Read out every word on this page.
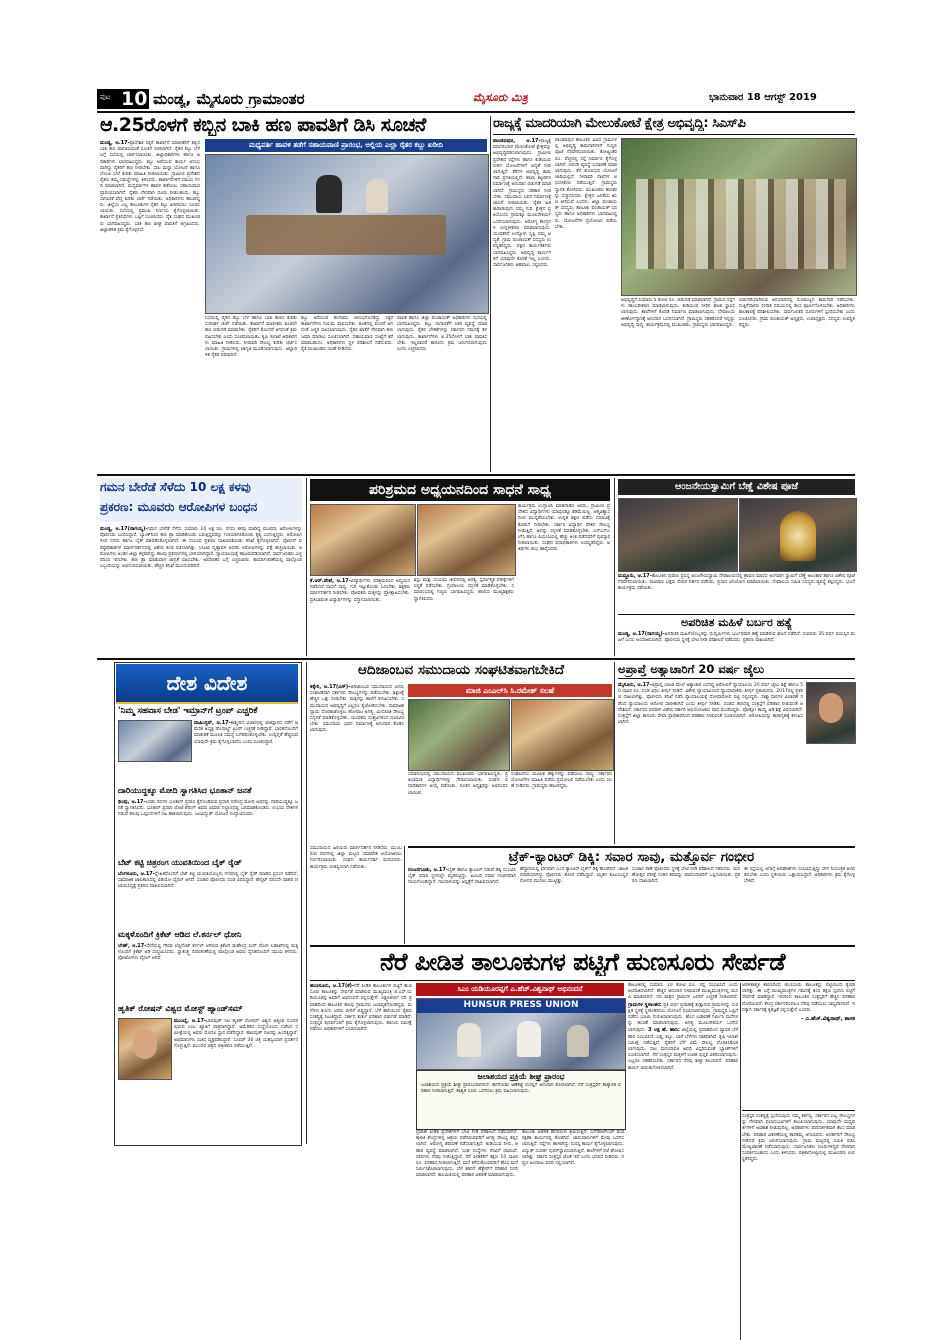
ಪುಟ 10 ಮಂಡ್ಯ, ಮೈಸೂರು ಗ್ರಾಮಾಂತರ	ಮೈಸೂರು ಮಿತ್ರ	ಭಾನುವಾರ 18 ಆಗಸ್ಟ್ 2019
ಆ.25ರೊಳಗೆ ಕಬ್ಬಿನ ಬಾಕಿ ಹಣ ಪಾವತಿಗೆ ಡಿಸಿ ಸೂಚನೆ
ಮಧ್ಯವರ್ತಿ ಹಾವಳಿ ತಡೆಗೆ ಸಹಾಯವಾಣಿ ಪ್ರಾರಂಭ, ಅಲ್ಲಿಯ ಎಲ್ಲಾ ರೈತರ ಕಬ್ಬು ಖರೀದಿ
ಮಂಡ್ಯ, ಆ.17-ಪ್ರಾದೇಶಿಕ ಸಕ್ಕರೆ ಕಾರ್ಖಾನೆ ಮಾಲೀಕರಿಗೆ ಕಬ್ಬಿನ ಬಾಕಿ ಹಣ ಪಾವತಿಸುವಂತೆ ಸೂಚನೆ ನೀಡಲಾಗಿದೆ. ರೈತರ ಕಬ್ಬು ಬೆಳೆ ಬಗ್ಗೆ ಸಭೆಯಲ್ಲಿ ಚರ್ಚಿಸಲಾಯಿತು. ಜಿಲ್ಲಾಧಿಕಾರಿಗಳು ಹಾಗೂ ಅಧಿಕಾರಿಗಳು ಭಾಗವಹಿಸಿದ್ದರು. ಕಬ್ಬು ಅರೆಯುವ ಕಾರ್ಯ ಆರಂಭವಾಗಿದ್ದು ರೈತರಿಗೆ ಹಣ ನೀಡಬೇಕು. ಸಾಲ ಮನ್ನಾ ಯೋಜನೆ ಹಾಗೂ ಬೆಂಬಲ ಬೆಲೆ ಕುರಿತು ಮಾಹಿತಿ ನೀಡಲಾಯಿತು. ಗ್ರಾಮೀಣ ಪ್ರದೇಶದ ರೈತರು ತಮ್ಮ ಸಮಸ್ಯೆಗಳನ್ನು ತಿಳಿಸಿದರು. ಕಾರ್ಖಾನೆಗಳಿಗೆ ಸಮಯ ನಿಗದಿ ಮಾಡಲಾಗಿದೆ. ಮಧ್ಯವರ್ತಿಗಳ ಹಾವಳಿ ತಡೆಯಲು ಸಹಾಯವಾಣಿ ಪ್ರಾರಂಭಿಸಲಾಗಿದೆ. ರೈತರು ನೇರವಾಗಿ ದೂರು ನೀಡಬಹುದು. ಕಬ್ಬು ಸಾಗಾಣಿಕೆ ವೆಚ್ಚ ಕುರಿತು ಚರ್ಚೆ ನಡೆಯಿತು. ಅಧಿಕಾರಿಗಳು ಹಾಜರಿದ್ದರು. ಜಿಲ್ಲೆಯ ಎಲ್ಲ ತಾಲೂಕುಗಳ ರೈತರ ಕಬ್ಬು ಖರೀದಿಸಲು ಸೂಚಿಸಲಾಯಿತು. ಸಭೆಯಲ್ಲಿ ಪ್ರಮುಖ ನಿರ್ಣಯ ಕೈಗೊಳ್ಳಲಾಯಿತು. ಕಾರ್ಖಾನೆ ಪ್ರತಿನಿಧಿಗಳು ಒಪ್ಪಿಗೆ ಸೂಚಿಸಿದರು. ರೈತ ಸಂಘದ ಮುಖಂಡರು ಭಾಗವಹಿಸಿದ್ದರು. ಬಾಕಿ ಹಣ ಶೀಘ್ರ ಪಾವತಿಗೆ ಆಗ್ರಹಿಸಿದರು. ಜಿಲ್ಲಾಡಳಿತ ಕ್ರಮ ಕೈಗೊಳ್ಳಲಿದೆ.
ಸಭೆಯಲ್ಲಿ ರೈತರ ಕಬ್ಬು ಬೆಳೆ ಹಾಗೂ ಬಾಕಿ ಹಣದ ಕುರಿತು ಸುದೀರ್ಘ ಚರ್ಚೆ ನಡೆಯಿತು. ಕಾರ್ಖಾನೆ ಮಾಲೀಕರು ಕೂಡಲೇ ಹಣ ಬಿಡುಗಡೆ ಮಾಡಬೇಕು. ರೈತರಿಗೆ ತೊಂದರೆ ಆಗದಂತೆ ಕ್ರಮ ವಹಿಸಬೇಕು ಎಂದು ಸೂಚಿಸಲಾಯಿತು. ಕೃಷಿ ಇಲಾಖೆ ಅಧಿಕಾರಿಗಳು ಮಾಹಿತಿ ನೀಡಿದರು. ನೀರಾವರಿ ಸೌಲಭ್ಯ ಕುರಿತು ಚರ್ಚಿಸಲಾಯಿತು. ಗ್ರಾಮಗಳಲ್ಲಿ ಜಾಗೃತಿ ಮೂಡಿಸಲಾಗುವುದು. ಜಿಲ್ಲಾಡಳಿತ ರೈತರ ಪರವಾಗಿದೆ.
ಕಬ್ಬು ಅರೆಯುವ ಹಂಗಾಮು ಆರಂಭಗೊಂಡಿದ್ದು ಸಕ್ಕರೆ ಕಾರ್ಖಾನೆಗಳು ನಿಯಮ ಪಾಲಿಸಬೇಕು. ತೂಕದಲ್ಲಿ ವಂಚನೆ ಆಗದಂತೆ ಎಚ್ಚರ ವಹಿಸಲಾಗುವುದು. ರೈತರ ಖಾತೆಗೆ ನೇರವಾಗಿ ಹಣ ಜಮಾ ಮಾಡಲು ಸೂಚಿಸಲಾಗಿದೆ. ಸಹಾಯವಾಣಿ ಸಂಖ್ಯೆಗೆ ಕರೆ ಮಾಡಬಹುದು. ಅಧಿಕಾರಿಗಳು ಸ್ಥಳ ಪರಿಶೀಲನೆ ನಡೆಸುವರು. ರೈತ ಮುಖಂಡರು ಸಲಹೆ ನೀಡಿದರು.
ಪಾಲಿಕೆ ಹಾಗೂ ಜಿಲ್ಲಾ ಪಂಚಾಯತ್ ಅಧಿಕಾರಿಗಳು ಸಭೆಯಲ್ಲಿ ಭಾಗವಹಿಸಿದ್ದರು. ಕಬ್ಬು ಸಾಗಾಣಿಕೆಗೆ ಲಾರಿ ವ್ಯವಸ್ಥೆ ಮಾಡಲಾಗುವುದು. ರೈತರ ಬೇಡಿಕೆಗಳನ್ನು ಸರ್ಕಾರದ ಗಮನಕ್ಕೆ ತರಲಾಗುವುದು. ಕಾರ್ಖಾನೆಗಳು ಆ.25ರೊಳಗೆ ಬಾಕಿ ಪಾವತಿಸಬೇಕು. ಇಲ್ಲವಾದರೆ ಕಾನೂನು ಕ್ರಮ ಜರುಗಿಸಲಾಗುವುದು ಎಂದು ಎಚ್ಚರಿಸಿದರು.
ರಾಜ್ಯಕ್ಕೆ ಮಾದರಿಯಾಗಿ ಮೇಲುಕೋಟೆ ಕ್ಷೇತ್ರ ಅಭಿವೃದ್ಧಿ: ಸಿಎಸ್‌ಪಿ
ಪಾಂಡವಪುರ, ಆ.17-ರಾಜ್ಯಕ್ಕೆ ಮಾದರಿಯಾಗಿ ಮೇಲುಕೋಟೆ ಕ್ಷೇತ್ರವನ್ನು ಅಭಿವೃದ್ಧಿಪಡಿಸಲಾಗುವುದು. ಗ್ರಾಮೀಣ ಪ್ರದೇಶದ ರಸ್ತೆಗಳು ಹಾಗೂ ಕುಡಿಯುವ ನೀರಿನ ಯೋಜನೆಗಳಿಗೆ ಆದ್ಯತೆ ನೀಡಲಾಗುತ್ತಿದೆ. ಕೆರೆಗಳ ಅಭಿವೃದ್ಧಿ ಕಾಮಗಾರಿ ಪ್ರಗತಿಯಲ್ಲಿದೆ. ಶಾಲಾ ಕಟ್ಟಡಗಳ ನಿರ್ಮಾಣಕ್ಕೆ ಅನುದಾನ ಬಿಡುಗಡೆ ಮಾಡಲಾಗಿದೆ. ಗ್ರಾಮಸ್ಥರು ಸಹಕಾರ ನೀಡಬೇಕು. ಸಮುದಾಯ ಭವನ ನಿರ್ಮಾಣಕ್ಕೆ ಚಾಲನೆ ನೀಡಲಾಯಿತು. ರೈತರ ಹಿತ ಕಾಪಾಡುವುದು ನಮ್ಮ ಗುರಿ. ಕ್ಷೇತ್ರದ ಪ್ರತಿಯೊಂದು ಗ್ರಾಮಕ್ಕೂ ಮೂಲಸೌಕರ್ಯ ಒದಗಿಸಲಾಗುವುದು. ಆರೋಗ್ಯ ಕೇಂದ್ರಗಳ ಉನ್ನತೀಕರಣ ಮಾಡಲಾಗುವುದು. ಯುವಕರಿಗೆ ಉದ್ಯೋಗ ಸೃಷ್ಟಿ ನಮ್ಮ ಆದ್ಯತೆ. ಗ್ರಾಮ ಪಂಚಾಯತ್ ಸದಸ್ಯರು ಉಪಸ್ಥಿತರಿದ್ದರು. ಪಕ್ಷದ ಕಾರ್ಯಕರ್ತರು ಭಾಗವಹಿಸಿದ್ದರು. ಅಭಿವೃದ್ಧಿ ಕಾರ್ಯಗಳಿಗೆ ಯಾವುದೇ ಕೊರತೆ ಇಲ್ಲ ಎಂದರು. ಸಾರ್ವಜನಿಕರು ಅಹವಾಲು ಸಲ್ಲಿಸಿದರು.
ಪಾಂಡವಪುರ ತಾಲೂಕಿನ ವಿವಿಧ ಗ್ರಾಮಗಳಲ್ಲಿ ಅಭಿವೃದ್ಧಿ ಕಾಮಗಾರಿಗಳಿಗೆ ಗುದ್ದಲಿ ಪೂಜೆ ನೆರವೇರಿಸಲಾಯಿತು. ಕೋಟ್ಯಂತರ ರೂ. ವೆಚ್ಚದಲ್ಲಿ ರಸ್ತೆ ನಿರ್ಮಾಣ ಕೈಗೊಳ್ಳಲಾಗಿದೆ. ಚರಂಡಿ ವ್ಯವಸ್ಥೆ ಸುಧಾರಣೆ ಮಾಡಲಾಗುವುದು. ಕೆರೆ ತುಂಬಿಸುವ ಯೋಜನೆ ಜಾರಿಯಲ್ಲಿದೆ. ನೀರಾವರಿ ನಾಲೆಗಳ ಆಧುನೀಕರಣ ನಡೆಯುತ್ತಿದೆ. ಗ್ರಾಮಸ್ಥರು ಸ್ವಾಗತ ಕೋರಿದರು. ಮುಖಂಡರು ಶಾಸಕರನ್ನು ಸನ್ಮಾನಿಸಿದರು. ಕ್ಷೇತ್ರದ ಜನತೆಯ ಋಣ ತೀರಿಸುವೆ ಎಂದರು. ಜಿಲ್ಲಾ ಪಂಚಾಯತ್ ಸದಸ್ಯರು, ತಾಲೂಕು ಪಂಚಾಯತ್ ಸದಸ್ಯರು ಹಾಗೂ ಅಧಿಕಾರಿಗಳು ಭಾಗವಹಿಸಿದ್ದರು. ಯೋಜನೆಗಳ ಪ್ರಯೋಜನ ಪಡೆಯಬೇಕು.
ಅಭಿವೃದ್ಧಿಗೆ ಸುಮಾರು 5 ಕೋಟಿ ರೂ. ಬಿಡುಗಡೆ ಮಾಡಲಾಗಿದೆ. ಗ್ರಾಮದ ರಸ್ತೆಗಳು ಡಾಂಬರೀಕರಣ ಮಾಡಲಾಗುವುದು. ಕುಡಿಯುವ ನೀರಿನ ಘಟಕ ಸ್ಥಾಪಿಸಲಾಗುವುದು. ಶಾಲೆಗಳಿಗೆ ಕೊಠಡಿ ನಿರ್ಮಾಣ ಮಾಡಲಾಗುವುದು. ದೇವಾಲಯ ಜೀರ್ಣೋದ್ಧಾರಕ್ಕೆ ಅನುದಾನ ಒದಗಿಸಲಾಗಿದೆ. ಗ್ರಾಮಸ್ಥರು ಸಹಕರಿಸಿದರೆ ಇನ್ನಷ್ಟು ಅಭಿವೃದ್ಧಿ ಸಾಧ್ಯ. ಕಾರ್ಯಕ್ರಮದಲ್ಲಿ ಮುಖಂಡರು, ಗ್ರಾಮಸ್ಥರು ಭಾಗವಹಿಸಿದ್ದರು.
ಬಿಡುಗಡೆಯಾಗಿರುವ ಅನುದಾನದಲ್ಲಿ ಗುಣಮಟ್ಟದ ಕಾಮಗಾರಿ ನಡೆಸಬೇಕು. ಗುತ್ತಿಗೆದಾರರು ನಿಗದಿತ ಸಮಯದಲ್ಲಿ ಕೆಲಸ ಪೂರ್ಣಗೊಳಿಸಬೇಕು. ಅಧಿಕಾರಿಗಳು ಕಾಲಕಾಲಕ್ಕೆ ಪರಿಶೀಲಿಸಬೇಕು. ಸಾರ್ವಜನಿಕರ ದೂರುಗಳಿಗೆ ಸ್ಪಂದಿಸಬೇಕು ಎಂದು ಸೂಚಿಸಿದರು. ಗ್ರಾಮ ಪಂಚಾಯತ್ ಅಧ್ಯಕ್ಷರು, ಉಪಾಧ್ಯಕ್ಷರು, ಸದಸ್ಯರು ಉಪಸ್ಥಿತರಿದ್ದರು.
ಗಮನ ಬೇರೆಡೆ ಸೆಳೆದು 10 ಲಕ್ಷ ಕಳವು
ಪ್ರಕರಣ: ಮೂವರು ಆರೋಪಿಗಳ ಬಂಧನ
ಮಂಡ್ಯ, ಆ.17(ನಾಗಯ್ಯ)-ಗಮನ ಬೇರೆಡೆ ಸೆಳೆದು ಸುಮಾರು 10 ಲಕ್ಷ ರೂ. ನಗದು ಕಳವು ಮಾಡಿದ್ದ ಮೂವರು ಆರೋಪಿಗಳನ್ನು ಪೊಲೀಸರು ಬಂಧಿಸಿದ್ದಾರೆ. ಬ್ಯಾಂಕ್‌ನಿಂದ ಹಣ ಡ್ರಾ ಮಾಡಿಕೊಂಡು ಬರುತ್ತಿದ್ದವರನ್ನು ಗುರಿಯಾಗಿಸಿಕೊಂಡು ಕೃತ್ಯ ಎಸಗುತ್ತಿದ್ದರು. ಆರೋಪಿಗಳಿಂದ ನಗದು ಹಾಗೂ ಬೈಕ್ ವಶಪಡಿಸಿಕೊಳ್ಳಲಾಗಿದೆ. ಈ ಸಂಬಂಧ ಪ್ರಕರಣ ದಾಖಲಿಸಿಕೊಂಡು ತನಿಖೆ ಕೈಗೊಳ್ಳಲಾಗಿದೆ. ಪೊಲೀಸ್ ವರಿಷ್ಠಾಧಿಕಾರಿಗಳ ಮಾರ್ಗದರ್ಶನದಲ್ಲಿ ವಿಶೇಷ ತಂಡ ರಚಿಸಲಾಗಿತ್ತು. ಸಿಸಿಟಿವಿ ದೃಶ್ಯಾವಳಿ ಆಧರಿಸಿ ಆರೋಪಿಗಳನ್ನು ಪತ್ತೆ ಹಚ್ಚಲಾಯಿತು. ಆರೋಪಿಗಳು ಅಂತರ ಜಿಲ್ಲಾ ಕಳ್ಳರಾಗಿದ್ದು ಹಲವು ಪ್ರಕರಣಗಳಲ್ಲಿ ಭಾಗಿಯಾಗಿದ್ದಾರೆ. ನ್ಯಾಯಾಲಯಕ್ಕೆ ಹಾಜರುಪಡಿಸಲಾಗಿದೆ. ಸಾರ್ವಜನಿಕರು ಎಚ್ಚರದಿಂದ ಇರಬೇಕು. ಹಣ ಡ್ರಾ ಮಾಡುವಾಗ ಜಾಗ್ರತೆ ವಹಿಸಬೇಕು. ಅಪರಿಚಿತರ ಬಗ್ಗೆ ಎಚ್ಚರವಿರಲಿ. ಕಾರ್ಯಾಚರಣೆಯಲ್ಲಿ ಪಾಲ್ಗೊಂಡ ಸಿಬ್ಬಂದಿಯನ್ನು ಅಭಿನಂದಿಸಲಾಯಿತು. ಹೆಚ್ಚಿನ ತನಿಖೆ ಮುಂದುವರಿದಿದೆ.
ಪರಿಶ್ರಮದ ಅಧ್ಯಯನದಿಂದ ಸಾಧನೆ ಸಾಧ್ಯ
ಕೆ.ಆರ್.ಪೇಟೆ, ಆ.17-ವಿದ್ಯಾರ್ಥಿಗಳು ಪರಿಶ್ರಮದಿಂದ ಅಧ್ಯಯನ ನಡೆಸಿದರೆ ಸಾಧನೆ ಸಾಧ್ಯ. ಗುರಿ ಇಟ್ಟುಕೊಂಡು ಓದಬೇಕು. ಶಿಕ್ಷಕರು ಮಾರ್ಗದರ್ಶನ ನೀಡಬೇಕು. ಪೋಷಕರು ಮಕ್ಕಳನ್ನು ಪ್ರೋತ್ಸಾಹಿಸಬೇಕು. ಪ್ರತಿಭಾವಂತ ವಿದ್ಯಾರ್ಥಿಗಳನ್ನು ಸನ್ಮಾನಿಸಲಾಯಿತು.
ಶಿಸ್ತು ಮತ್ತು ಸಂಯಮ ಜೀವನದಲ್ಲಿ ಅಗತ್ಯ. ಸ್ಪರ್ಧಾತ್ಮಕ ಪರೀಕ್ಷೆಗಳಿಗೆ ಸಿದ್ಧತೆ ನಡೆಸಬೇಕು. ಗ್ರಂಥಾಲಯ ಸದ್ಬಳಕೆ ಮಾಡಿಕೊಳ್ಳಬೇಕು. ಸಮಾರಂಭದಲ್ಲಿ ಗಣ್ಯರು ಭಾಗವಹಿಸಿದ್ದರು. ಶಾಲೆಯ ಮುಖ್ಯಶಿಕ್ಷಕರು ಸ್ವಾಗತಿಸಿದರು.
ಕಾರ್ಯಕ್ರಮ ಉದ್ಘಾಟಿಸಿ ಮಾತನಾಡಿದ ಅವರು, ಗ್ರಾಮೀಣ ಪ್ರದೇಶದ ವಿದ್ಯಾರ್ಥಿಗಳು ಯಾವುದಕ್ಕೂ ಕಡಿಮೆಯಿಲ್ಲ. ಆತ್ಮವಿಶ್ವಾಸದಿಂದ ಮುನ್ನಡೆಯಬೇಕು. ಉನ್ನತ ಶಿಕ್ಷಣ ಪಡೆದು ಸಮಾಜಕ್ಕೆ ಕೊಡುಗೆ ನೀಡಬೇಕು. ಸರ್ಕಾರ ವಿದ್ಯಾರ್ಥಿ ವೇತನ ಸೌಲಭ್ಯ ನೀಡುತ್ತಿದೆ. ಅದನ್ನು ಸದ್ಬಳಕೆ ಮಾಡಿಕೊಳ್ಳಬೇಕು. ಎಸ್ಎಸ್ಎಲ್‌ಸಿ ಹಾಗೂ ಪಿಯುಸಿಯಲ್ಲಿ ಹೆಚ್ಚು ಅಂಕ ಪಡೆದವರಿಗೆ ಪುರಸ್ಕಾರ ನೀಡಲಾಯಿತು. ಸಂಘದ ಪದಾಧಿಕಾರಿಗಳು ಉಪಸ್ಥಿತರಿದ್ದರು. ಅತಿಥಿಗಳು ಶುಭ ಹಾರೈಸಿದರು.
ಆಂಜನೇಯಸ್ವಾಮಿಗೆ ಬೆಣ್ಣೆ ವಿಶೇಷ ಪೂಜೆ
ಮದ್ದೂರು, ಆ.17-ತಾಲೂಕಿನ ಪುರಾಣ ಪ್ರಸಿದ್ಧ ಆಂಜನೇಯಸ್ವಾಮಿ ದೇವಾಲಯದಲ್ಲಿ ಶ್ರಾವಣ ಮಾಸದ ಅಂಗವಾಗಿ ಸ್ವಾಮಿಗೆ ಬೆಣ್ಣೆ ಅಲಂಕಾರ ಹಾಗೂ ವಿಶೇಷ ಪೂಜೆ ನೆರವೇರಿಸಲಾಯಿತು. ಸಾವಿರಾರು ಭಕ್ತರು ದೇವರ ದರ್ಶನ ಪಡೆದರು. ಪ್ರಸಾದ ವಿನಿಯೋಗ ಮಾಡಲಾಯಿತು. ದೇವಾಲಯ ಸಮಿತಿ ಸದಸ್ಯರು ವ್ಯವಸ್ಥೆ ಕಲ್ಪಿಸಿದ್ದರು. ಭಜನೆ ಕಾರ್ಯಕ್ರಮ ನಡೆಯಿತು.
ಅಪರಿಚಿತ ಮಹಿಳೆ ಬರ್ಬರ ಹತ್ಯೆ
ಮಂಡ್ಯ, ಆ.17(ನಾಗಯ್ಯ)-ಅಪರಿಚಿತ ಮಹಿಳೆಯೊಬ್ಬರನ್ನು ದುಷ್ಕರ್ಮಿಗಳು ಬರ್ಬರವಾಗಿ ಹತ್ಯೆ ಮಾಡಿರುವ ಘಟನೆ ನಡೆದಿದೆ. ಸುಮಾರು 35 ವರ್ಷ ವಯಸ್ಸಿನ ಮಹಿಳೆ ಎಂದು ಅಂದಾಜಿಸಲಾಗಿದೆ. ಪೊಲೀಸರು ಸ್ಥಳಕ್ಕೆ ಭೇಟಿ ನೀಡಿ ಪರಿಶೀಲನೆ ನಡೆಸಿದರು. ಪ್ರಕರಣ ದಾಖಲಾಗಿದೆ.
ದೇಶ ವಿದೇಶ
'ನಿಮ್ಮ ಸಹವಾಸ ಬೇಡ' ಇಮ್ರಾನ್‌ಗೆ ಟ್ರಂಪ್ ಎಚ್ಚರಿಕೆ
ವಾಷಿಂಗ್ಟನ್, ಆ.17-ಕಾಶ್ಮೀರದ ವಿಚಾರದಲ್ಲಿ ಪಾಕಿಸ್ತಾನದ ನಡೆಗೆ ಅಮೆರಿಕ ಅಧ್ಯಕ್ಷ ಡೊನಾಲ್ಡ್ ಟ್ರಂಪ್ ಎಚ್ಚರಿಕೆ ನೀಡಿದ್ದಾರೆ. ಭಾರತದೊಂದಿಗೆ ಮಾತುಕತೆ ಮೂಲಕ ಸಮಸ್ಯೆ ಬಗೆಹರಿಸಿಕೊಳ್ಳಬೇಕು. ಉದ್ವಿಗ್ನತೆ ಹೆಚ್ಚಿಸುವ ಯಾವುದೇ ಕ್ರಮ ಕೈಗೊಳ್ಳಬಾರದು ಎಂದು ಸೂಚಿಸಿದ್ದಾರೆ.
ದಾರಿಯುದ್ದಕ್ಕೂ ಮೋದಿ ಸ್ವಾಗತಿಸಿದ ಭೂತಾನ್ ಜನತೆ
ಥಿಂಪು, ಆ.17-ಎರಡು ದಿನಗಳ ಭೂತಾನ್ ಪ್ರವಾಸ ಕೈಗೊಂಡಿರುವ ಪ್ರಧಾನಿ ನರೇಂದ್ರ ಮೋದಿ ಅವರನ್ನು ದಾರಿಯುದ್ದಕ್ಕೂ ಜನತೆ ಸ್ವಾಗತಿಸಿದರು. ಭೂತಾನ್ ಪ್ರಧಾನಿ ಲೊಟೆ ಶೆರಿಂಗ್ ಅವರು ವಿಮಾನ ನಿಲ್ದಾಣದಲ್ಲಿ ಬರಮಾಡಿಕೊಂಡರು. ಉಭಯ ದೇಶಗಳ ನಡುವೆ ಹಲವು ಒಪ್ಪಂದಗಳಿಗೆ ಸಹಿ ಹಾಕಲಾಗುವುದು. ಜಲವಿದ್ಯುತ್ ಯೋಜನೆ ಉದ್ಘಾಟಿಸುವರು.
ಬೆಟ್ ಕಟ್ಟಿ ಚಿತ್ರರಂಗ ಯುವತಿಯಿಂದ ಬೈಕ್ ರೈಡ್
ಬೆಂಗಳೂರು, ಆ.17-ಸ್ನೇಹಿತರೊಂದಿಗೆ ಬೆಟ್ ಕಟ್ಟಿ ಯುವತಿಯೊಬ್ಬಳು ನಗರದಲ್ಲಿ ಬೈಕ್ ರೈಡ್ ಮಾಡಿದ ಪ್ರಸಂಗ ನಡೆದಿದೆ. ಸಾಮಾಜಿಕ ಜಾಲತಾಣದಲ್ಲಿ ವಿಡಿಯೋ ವೈರಲ್ ಆಗಿದೆ. ಸಂಚಾರ ಪೊಲೀಸರು ದಂಡ ವಿಧಿಸಿದ್ದಾರೆ. ಹೆಲ್ಮೆಟ್ ಧರಿಸದೇ ವಾಹನ ಚಲಾಯಿಸಿದ್ದಕ್ಕೆ ಪ್ರಕರಣ ದಾಖಲಿಸಲಾಗಿದೆ.
ಮಕ್ಕಳೊಂದಿಗೆ ಕ್ರಿಕೆಟ್ ಆಡಿದ ಲೆ.ಕರ್ನಲ್ ಧೋನಿ
ಲೇಹ್, ಆ.17-ಸೇನೆಯಲ್ಲಿ ಗೌರವ ಲೆಫ್ಟಿನೆಂಟ್ ಕರ್ನಲ್ ಆಗಿರುವ ಕ್ರಿಕೆಟಿಗ ಮಹೇಂದ್ರ ಸಿಂಗ್ ಧೋನಿ ಲಡಾಖ್‌ನಲ್ಲಿ ಮಕ್ಕಳೊಂದಿಗೆ ಕ್ರಿಕೆಟ್ ಆಡಿ ಸಂಭ್ರಮಿಸಿದರು. ಸ್ವಾತಂತ್ರ್ಯ ದಿನಾಚರಣೆಯಲ್ಲಿ ಪಾಲ್ಗೊಂಡ ಅವರು ಸೈನಿಕರೊಂದಿಗೆ ಸಮಯ ಕಳೆದರು. ಫೋಟೋಗಳು ವೈರಲ್ ಆಗಿವೆ.
ಹೃತಿಕ್ ರೋಷನ್ ವಿಶ್ವದ ಮೋಸ್ಟ್ ಹ್ಯಾಂಡ್‌ಸಮ್
ಮುಂಬೈ, ಆ.17-ಬಾಲಿವುಡ್ ನಟ ಹೃತಿಕ್ ರೋಷನ್ ವಿಶ್ವದ ಅತ್ಯಂತ ಸುಂದರ ಪುರುಷ ಎಂಬ ಖ್ಯಾತಿಗೆ ಪಾತ್ರರಾಗಿದ್ದಾರೆ. ಅಮೆರಿಕದ ಸಂಸ್ಥೆಯೊಂದು ನಡೆಸಿದ ಸಮೀಕ್ಷೆಯಲ್ಲಿ ಅವರು ಮೊದಲ ಸ್ಥಾನ ಪಡೆದಿದ್ದಾರೆ. ಹಾಲಿವುಡ್ ನಟರನ್ನು ಹಿಂದಿಕ್ಕಿದ್ದಾರೆ. ಅಭಿಮಾನಿಗಳು ಸಂತಸ ವ್ಯಕ್ತಪಡಿಸಿದ್ದಾರೆ. ಸೂಪರ್ 30 ಚಿತ್ರ ಯಶಸ್ವಿಯಾಗಿ ಪ್ರದರ್ಶನಗೊಳ್ಳುತ್ತಿದೆ. ಮುಂದಿನ ಚಿತ್ರದ ಚಿತ್ರೀಕರಣ ನಡೆಯುತ್ತಿದೆ.
ಆದಿಜಾಂಬವ ಸಮುದಾಯ ಸಂಘಟಿತವಾಗಬೇಕಿದೆ
ಮಾಜಿ ಎಂಎಲ್‌ಸಿ ಸಿ.ರಮೇಶ್ ಸಲಹೆ
ಕಿಕ್ಕೇರಿ, ಆ.17(ಎಸ್)-ಆದಿಜಾಂಬವ ಸಮುದಾಯದ ಜನರು ಸಂಘಟಿತರಾಗಿ ಸರ್ಕಾರದ ಸೌಲಭ್ಯಗಳನ್ನು ಪಡೆಯಬೇಕು. ಶಿಕ್ಷಣಕ್ಕೆ ಹೆಚ್ಚಿನ ಒತ್ತು ನೀಡಬೇಕು. ಮಕ್ಕಳನ್ನು ಶಾಲೆಗೆ ಕಳುಹಿಸಬೇಕು. ಸಮುದಾಯದ ಅಭಿವೃದ್ಧಿಗೆ ಎಲ್ಲರೂ ಕೈಜೋಡಿಸಬೇಕು. ಸಾಮಾಜಿಕ ನ್ಯಾಯ ದೊರಕಿಸಿಕೊಳ್ಳಲು ಹೋರಾಟ ಅಗತ್ಯ. ಮೀಸಲಾತಿ ಸೌಲಭ್ಯ ಸದ್ಬಳಕೆ ಮಾಡಿಕೊಳ್ಳಬೇಕು. ಯುವಕರು ದುಶ್ಚಟಗಳಿಂದ ದೂರವಿರಬೇಕು. ಸಮುದಾಯ ಭವನ ನಿರ್ಮಾಣಕ್ಕೆ ಅನುದಾನ ಕೊಡಿಸಲಾಗುವುದು.
ಸಮಾರಂಭದಲ್ಲಿ ಸಮುದಾಯದ ಮುಖಂಡರು ಭಾಗವಹಿಸಿದ್ದರು. ಪ್ರತಿಭಾವಂತ ವಿದ್ಯಾರ್ಥಿಗಳನ್ನು ಗೌರವಿಸಲಾಯಿತು. ಸಂಘದ ಪದಾಧಿಕಾರಿಗಳ ಆಯ್ಕೆ ನಡೆಯಿತು. ನೂತನ ಅಧ್ಯಕ್ಷರನ್ನು ಅಭಿನಂದಿಸಲಾಯಿತು.
ಸಂಘಟನೆಯ ಮೂಲಕ ಹಕ್ಕುಗಳನ್ನು ಪಡೆಯಲು ಸಾಧ್ಯ. ಸರ್ಕಾರದ ಯೋಜನೆಗಳ ಮಾಹಿತಿ ಪಡೆದು ಪ್ರಯೋಜನ ಪಡೆಯಬೇಕು ಎಂದು ಸಲಹೆ ನೀಡಿದರು. ಗ್ರಾಮಸ್ಥರು ಹಾಜರಿದ್ದರು.
ಅಪ್ರಾಪ್ತೆ ಅತ್ಯಾಚಾರಿಗೆ 20 ವರ್ಷ ಜೈಲು
ಮೈಸೂರು, ಆ.17-ಅಪ್ರಾಪ್ತ ಬಾಲಕಿ ಮೇಲೆ ಅತ್ಯಾಚಾರ ಎಸಗಿದ್ದ ಆರೋಪಿಗೆ ನ್ಯಾಯಾಲಯ 20 ವರ್ಷ ಜೈಲು ಶಿಕ್ಷೆ ಹಾಗೂ 50 ಸಾವಿರ ರೂ. ದಂಡ ವಿಧಿಸಿ ತೀರ್ಪು ನೀಡಿದೆ. ವಿಶೇಷ ನ್ಯಾಯಾಲಯದ ನ್ಯಾಯಾಧೀಶರು ತೀರ್ಪು ಪ್ರಕಟಿಸಿದರು. 2017ರಲ್ಲಿ ಪ್ರಕರಣ ದಾಖಲಾಗಿತ್ತು. ಪೊಲೀಸರು ತನಿಖೆ ನಡೆಸಿ ನ್ಯಾಯಾಲಯಕ್ಕೆ ದೋಷಾರೋಪ ಪಟ್ಟಿ ಸಲ್ಲಿಸಿದ್ದರು. ಸಾಕ್ಷ್ಯಾಧಾರಗಳ ವಿಚಾರಣೆ ನಡೆಸಿದ ನ್ಯಾಯಾಲಯ ಆರೋಪ ಸಾಬೀತಾಗಿದೆ ಎಂದು ತೀರ್ಪು ನೀಡಿತು. ದಂಡದ ಹಣದಲ್ಲಿ ಸಂತ್ರಸ್ತೆಗೆ ಪರಿಹಾರ ನೀಡುವಂತೆ ಆದೇಶಿಸಿದೆ. ಸರ್ಕಾರದ ಪರವಾಗಿ ವಿಶೇಷ ಸರ್ಕಾರಿ ಅಭಿಯೋಜಕರು ವಾದ ಮಂಡಿಸಿದ್ದರು. ಪೋಕ್ಸೋ ಕಾಯ್ದೆ ಅಡಿ ಶಿಕ್ಷೆ ವಿಧಿಸಲಾಗಿದೆ. ಸಂತ್ರಸ್ತೆಗೆ ಜಿಲ್ಲಾ ಕಾನೂನು ಸೇವಾ ಪ್ರಾಧಿಕಾರದಿಂದ ಪರಿಹಾರ ನೀಡುವಂತೆ ಸೂಚಿಸಲಾಗಿದೆ. ಆರೋಪಿಯನ್ನು ಕಾರಾಗೃಹಕ್ಕೆ ಕಳುಹಿಸಲಾಗಿದೆ.
ಟ್ರೆಕ್-ಕ್ಯಾಂಟರ್ ಡಿಕ್ಕಿ: ಸವಾರ ಸಾವು, ಮತ್ತೊರ್ವ ಗಂಭೀರ
ನಂಜನಗೂಡು, ಆ.17-ಬೈಕ್ ಹಾಗೂ ಕ್ಯಾಂಟರ್ ನಡುವೆ ಡಿಕ್ಕಿ ಸಂಭವಿಸಿ ಬೈಕ್ ಸವಾರ ಸ್ಥಳದಲ್ಲೇ ಮೃತಪಟ್ಟಿದ್ದು, ಹಿಂಬದಿ ಸವಾರ ಗಂಭೀರವಾಗಿ ಗಾಯಗೊಂಡಿದ್ದಾನೆ. ಗಾಯಾಳುವನ್ನು ಆಸ್ಪತ್ರೆಗೆ ದಾಖಲಿಸಲಾಗಿದೆ.
ಹೆದ್ದಾರಿಯಲ್ಲಿ ವೇಗವಾಗಿ ಬಂದ ಕ್ಯಾಂಟರ್ ಬೈಕ್‌ಗೆ ಡಿಕ್ಕಿ ಹೊಡೆದಿದೆ. ಚಾಲಕ ಪರಾರಿಯಾಗಿದ್ದು ಪೊಲೀಸರು ಶೋಧ ನಡೆಸಿದ್ದಾರೆ. ಮೃತರ ಕುಟುಂಬಸ್ಥರ ರೋದನ ಮುಗಿಲು ಮುಟ್ಟಿತ್ತು.
ಸಂಚಾರ ಠಾಣೆ ಪೊಲೀಸರು ಸ್ಥಳಕ್ಕೆ ಭೇಟಿ ನೀಡಿ ಪರಿಶೀಲನೆ ನಡೆಸಿದರು. ಮರಣೋತ್ತರ ಪರೀಕ್ಷೆ ನಂತರ ಶವವನ್ನು ವಾರಸುದಾರರಿಗೆ ಒಪ್ಪಿಸಲಾಯಿತು. ಪ್ರಕರಣ ದಾಖಲಾಗಿದೆ.
ಈ ರಸ್ತೆಯಲ್ಲಿ ಆಗಾಗ್ಗೆ ಅಪಘಾತಗಳು ಸಂಭವಿಸುತ್ತಿದ್ದು ವೇಗ ನಿಯಂತ್ರಕ ಅಳವಡಿಸಬೇಕು ಎಂದು ಸ್ಥಳೀಯರು ಒತ್ತಾಯಿಸಿದ್ದಾರೆ. ಅಧಿಕಾರಿಗಳು ಕ್ರಮ ಕೈಗೊಳ್ಳಬೇಕಿದೆ.
ಸಮುದಾಯದ ಹಿರಿಯರು ಮಾರ್ಗದರ್ಶನ ನೀಡಿದರು. ಮುಂಬರುವ ದಿನಗಳಲ್ಲಿ ಜಿಲ್ಲಾ ಮಟ್ಟದ ಸಮಾವೇಶ ಆಯೋಜಿಸಲು ನಿರ್ಧರಿಸಲಾಯಿತು. ಸಂಘದ ಕಾರ್ಯದರ್ಶಿ ವಂದಿಸಿದರು. ಕಾರ್ಯಕ್ರಮ ಯಶಸ್ವಿಯಾಗಿ ನಡೆಯಿತು.
ನೆರೆ ಪೀಡಿತ ತಾಲೂಕುಗಳ ಪಟ್ಟಿಗೆ ಹುಣಸೂರು ಸೇರ್ಪಡೆ
ಸಿಎಂ ಯಡಿಯೂರಪ್ಪಗೆ ಎ.ಹೆಚ್.ವಿಶ್ವನಾಥ್ ಅಭಿನಂದನೆ
HUNSUR PRESS UNION
ಜಲಾಶಯದ ಪ್ರಕ್ರಿಯೆ ಶೀಘ್ರ ಪ್ರಾರಂಭ
ಜಲಾಶಯದ ಪ್ರಕ್ರಿಯೆ ಶೀಘ್ರ ಪ್ರಾರಂಭವಾಗಲಿದೆ. ಹನಗೋಡು ಅಣೆಕಟ್ಟೆ ದುರಸ್ತಿಗೆ ಅನುದಾನ ಕೋರಲಾಗಿದೆ. ನೆರೆ ಸಂತ್ರಸ್ತರಿಗೆ ತಾತ್ಕಾಲಿಕ ಪರಿಹಾರ ನೀಡಲಾಗುತ್ತಿದೆ. ಶಾಶ್ವತ ಸೂರು ಒದಗಿಸಲು ಕ್ರಮ ವಹಿಸಲಾಗುವುದು.
ಹುಣಸೂರು, ಆ.17(ಕೆ)-ನೆರೆ ಪೀಡಿತ ತಾಲೂಕುಗಳ ಪಟ್ಟಿಗೆ ಹುಣಸೂರು ತಾಲೂಕನ್ನು ಸೇರ್ಪಡೆ ಮಾಡಿರುವ ಮುಖ್ಯಮಂತ್ರಿ ಬಿ.ಎಸ್.ಯಡಿಯೂರಪ್ಪ ಅವರಿಗೆ ಅಭಿನಂದನೆ ಸಲ್ಲಿಸುತ್ತೇನೆ. ಲಕ್ಷ್ಮಣತೀರ್ಥ ನದಿ ಪ್ರವಾಹದಿಂದ ತಾಲೂಕಿನ ಹಲವು ಗ್ರಾಮಗಳು ಜಲಾವೃತಗೊಂಡಿದ್ದವು. ಮನೆಗಳು ಕುಸಿದು ಜನರು ಬೀದಿಗೆ ಬಿದ್ದಿದ್ದಾರೆ. ಬೆಳೆ ಹಾನಿಯಿಂದ ರೈತರು ಸಂಕಷ್ಟಕ್ಕೆ ಸಿಲುಕಿದ್ದಾರೆ. ಸರ್ಕಾರ ತುರ್ತು ಪರಿಹಾರ ಬಿಡುಗಡೆ ಮಾಡಿದೆ. ಸಂತ್ರಸ್ತರ ಪುನರ್ವಸತಿಗೆ ಕ್ರಮ ಕೈಗೊಳ್ಳಲಾಗುವುದು. ಹಾನಿಯ ಸಮೀಕ್ಷೆ ನಡೆಸಲು ಅಧಿಕಾರಿಗಳಿಗೆ ಸೂಚಿಸಲಾಗಿದೆ.
ಪ್ರವಾಹ ಪೀಡಿತ ಪ್ರದೇಶಗಳಿಗೆ ಭೇಟಿ ನೀಡಿ ಪರಿಶೀಲನೆ ನಡೆಸಲಾಗಿದೆ. ಕಾಳಜಿ ಕೇಂದ್ರಗಳಲ್ಲಿ ಆಶ್ರಯ ಪಡೆದಿರುವವರಿಗೆ ಅಗತ್ಯ ಸೌಲಭ್ಯ ಕಲ್ಪಿಸಲಾಗಿದೆ. ಆರೋಗ್ಯ ತಪಾಸಣೆ ನಡೆಸಲಾಗುತ್ತಿದೆ. ಕುಡಿಯುವ ನೀರು, ಆಹಾರ ವ್ಯವಸ್ಥೆ ಮಾಡಲಾಗಿದೆ. ಸಂಘ ಸಂಸ್ಥೆಗಳು ನೆರವಿಗೆ ಧಾವಿಸಿವೆ. ದಾನಿಗಳು ನೆರವು ನೀಡುತ್ತಿದ್ದಾರೆ. ನೆರೆ ಪೀಡಿತರಿಗೆ ತಕ್ಷಣ 10 ಸಾವಿರ ರೂ. ಪರಿಹಾರ ನೀಡಲಾಗುತ್ತಿದೆ. ಮನೆ ಕಳೆದುಕೊಂಡವರಿಗೆ ಹೊಸ ಮನೆ ನಿರ್ಮಿಸಿಕೊಡಲಾಗುವುದು. ಬೆಳೆ ಹಾನಿಗೆ ಹೆಕ್ಟೇರ್‌ಗೆ ಪರಿಹಾರ ನಿಗದಿ ಮಾಡಲಾಗಿದೆ. ಕಾಲಮಿತಿಯಲ್ಲಿ ಪರಿಹಾರ ವಿತರಣೆ ಮಾಡಲಾಗುವುದು.
ತಾಲೂಕು ಆಡಳಿತ ಹಗಲಿರುಳು ಶ್ರಮಿಸುತ್ತಿದೆ. ಎನ್‌ಡಿಆರ್‌ಎಫ್ ತಂಡ ರಕ್ಷಣಾ ಕಾರ್ಯದಲ್ಲಿ ತೊಡಗಿದೆ. ಜಾನುವಾರುಗಳಿಗೆ ಮೇವು ಒದಗಿಸಲಾಗುತ್ತಿದೆ. ರಸ್ತೆಗಳು ಹಾಳಾಗಿದ್ದು ದುರಸ್ತಿ ಕಾರ್ಯ ಕೈಗೊಳ್ಳಲಾಗುವುದು. ವಿದ್ಯುತ್ ಸಂಪರ್ಕ ಪುನರ್‌ಸ್ಥಾಪಿಸಲಾಗುತ್ತಿದೆ. ಶಾಲೆಗಳಿಗೆ ರಜೆ ಘೋಷಿಸಲಾಗಿತ್ತು. ಸರ್ಕಾರ ಸಂತ್ರಸ್ತರ ಜೊತೆ ಇದೆ ಎಂದು ಭರವಸೆ ನೀಡಿದರು. ನಷ್ಟದ ಅಂದಾಜು ವರದಿ ಸಲ್ಲಿಸಲಾಗಿದೆ.
ತಾಲೂಕಿನಲ್ಲಿ ಸುಮಾರು 10 ಕೋಟಿ ರೂ. ನಷ್ಟ ಸಂಭವಿಸಿದೆ ಎಂದು ಅಂದಾಜಿಸಲಾಗಿದೆ. ಹೆಚ್ಚಿನ ಅನುದಾನ ನೀಡುವಂತೆ ಮುಖ್ಯಮಂತ್ರಿಗಳಲ್ಲಿ ಮನವಿ ಮಾಡಲಾಗಿದೆ. ನದಿ ಪಾತ್ರದ ಗ್ರಾಮಗಳ ಜನರಿಗೆ ಎಚ್ಚರಿಕೆ ನೀಡಲಾಗಿದೆ. ಗ್ರಾಮಗಳ ಸ್ಥಳಾಂತರ: ಪ್ರತಿ ವರ್ಷ ಪ್ರವಾಹಕ್ಕೆ ತುತ್ತಾಗುವ ಗ್ರಾಮಗಳನ್ನು ಸುರಕ್ಷಿತ ಸ್ಥಳಕ್ಕೆ ಸ್ಥಳಾಂತರಿಸಲು ಯೋಜನೆ ರೂಪಿಸಲಾಗುವುದು. ಗ್ರಾಮಸ್ಥರ ಒಪ್ಪಿಗೆ ಪಡೆದು ಭೂಮಿ ಗುರುತಿಸಲಾಗುವುದು. ಹೊಸ ಬಡಾವಣೆ ನಿರ್ಮಿಸಿ ಮನೆಗಳನ್ನು ಹಂಚಿಕೆ ಮಾಡಲಾಗುವುದು. ಅಗತ್ಯ ಮೂಲಸೌಕರ್ಯ ಒದಗಿಸಲಾಗುವುದು. 3 ಲಕ್ಷ ಹೆ. ಹಾನಿ: ಜಿಲ್ಲೆಯಲ್ಲಿ ಪ್ರವಾಹದಿಂದ ವ್ಯಾಪಕ ಬೆಳೆ ಹಾನಿ ಸಂಭವಿಸಿದೆ. ಭತ್ತ, ಕಬ್ಬು, ಬಾಳೆ ಬೆಳೆಗಳು ನಾಶವಾಗಿವೆ. ಕೃಷಿ ಇಲಾಖೆ ಸಮೀಕ್ಷೆ ನಡೆಸುತ್ತಿದೆ. ರೈತರಿಗೆ ಬೆಳೆ ವಿಮೆ ಸೌಲಭ್ಯ ದೊರಕಿಸಿಕೊಡಲಾಗುವುದು. ಸಾಲ ಮರುಪಾವತಿ ಅವಧಿ ವಿಸ್ತರಿಸುವಂತೆ ಬ್ಯಾಂಕ್‌ಗಳಿಗೆ ಸೂಚಿಸಲಾಗಿದೆ. ನೆರೆ ಸಂತ್ರಸ್ತರ ಮಕ್ಕಳಿಗೆ ಉಚಿತ ಪುಸ್ತಕ ವಿತರಿಸಲಾಗುವುದು. ಎಲ್ಲರೂ ಸಹಕರಿಸಬೇಕು. ಸರ್ಕಾರದ ನೆರವು ಶೀಘ್ರ ತಲುಪಲಿದೆ. ಪರಿಹಾರ ಕಾರ್ಯ ಚುರುಕುಗೊಳಿಸಲಾಗಿದೆ.
ಆಡಳಿತಾತ್ಮಕ ಕಾರಣದಿಂದ ಹುಣಸೂರು ತಾಲೂಕನ್ನು ಪಟ್ಟಿಯಿಂದ ಕೈಬಿಡಲಾಗಿತ್ತು. ಈ ಬಗ್ಗೆ ಮುಖ್ಯಮಂತ್ರಿಗಳ ಗಮನಕ್ಕೆ ತಂದ ತಕ್ಷಣ ಸ್ಪಂದಿಸಿ ಪಟ್ಟಿಗೆ ಸೇರ್ಪಡೆ ಮಾಡಿದ್ದಾರೆ. ಇದರಿಂದ ತಾಲೂಕಿನ ಸಂತ್ರಸ್ತರಿಗೆ ಹೆಚ್ಚಿನ ಪರಿಹಾರ ದೊರೆಯಲಿದೆ. ಕೇಂದ್ರ ಸರ್ಕಾರದಿಂದಲೂ ನೆರವು ಪಡೆಯಲು ಸಾಧ್ಯವಾಗಲಿದೆ. ಇದಕ್ಕಾಗಿ ಸರ್ಕಾರಕ್ಕೆ ಕೃತಜ್ಞತೆ ಸಲ್ಲಿಸುತ್ತೇನೆ ಎಂದರು.
- ಎ.ಹೆಚ್.ವಿಶ್ವನಾಥ್, ಶಾಸಕ
ಸಂತ್ರಸ್ತರ ಸಂಕಷ್ಟಕ್ಕೆ ಸ್ಪಂದಿಸುವುದು ನಮ್ಮ ಕರ್ತವ್ಯ. ಸರ್ಕಾರದ ಎಲ್ಲ ಸೌಲಭ್ಯಗಳನ್ನು ನೇರವಾಗಿ ಫಲಾನುಭವಿಗಳಿಗೆ ತಲುಪಿಸಲಾಗುವುದು. ಯಾವುದೇ ಮಧ್ಯವರ್ತಿಗಳಿಗೆ ಅವಕಾಶ ನೀಡುವುದಿಲ್ಲ. ಅಧಿಕಾರಿಗಳು ಪಾರದರ್ಶಕವಾಗಿ ಕೆಲಸ ಮಾಡಬೇಕು. ಪರಿಹಾರ ವಿತರಣೆಯಲ್ಲಿ ತಾರತಮ್ಯ ಆಗಬಾರದು. ಅನರ್ಹರಿಗೆ ಸೌಲಭ್ಯ ನೀಡಿದರೆ ಕ್ರಮ ಜರುಗಿಸಲಾಗುವುದು. ಗ್ರಾಮ ಮಟ್ಟದಲ್ಲಿ ಸಮಿತಿ ರಚಿಸಿ ಮೇಲ್ವಿಚಾರಣೆ ನಡೆಸಲಾಗುವುದು. ಸಾರ್ವಜನಿಕರು ದೂರುಗಳಿದ್ದರೆ ನೇರವಾಗಿ ಸಂಪರ್ಕಿಸಬಹುದು ಎಂದು ತಿಳಿಸಿದರು. ಪತ್ರಿಕಾಗೋಷ್ಠಿಯಲ್ಲಿ ಮುಖಂಡರು ಉಪಸ್ಥಿತರಿದ್ದರು.
